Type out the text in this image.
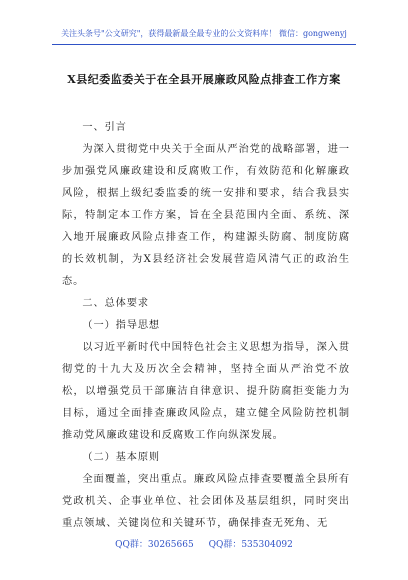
关注头条号"公文研究"，获得最新最全最专业的公文资料库！ 微信：gongwenyj
X县纪委监委关于在全县开展廉政风险点排查工作方案

一、引言

为深入贯彻党中央关于全面从严治党的战略部署，进一步加强党风廉政建设和反腐败工作，有效防范和化解廉政风险，根据上级纪委监委的统一安排和要求，结合我县实际，特制定本工作方案，旨在全县范围内全面、系统、深入地开展廉政风险点排查工作，构建源头防腐、制度防腐的长效机制，为X县经济社会发展营造风清气正的政治生态。

二、总体要求

（一）指导思想

以习近平新时代中国特色社会主义思想为指导，深入贯彻党的十九大及历次全会精神，坚持全面从严治党不放松，以增强党员干部廉洁自律意识、提升防腐拒变能力为目标，通过全面排查廉政风险点，建立健全风险防控机制推动党风廉政建设和反腐败工作向纵深发展。

（二）基本原则

全面覆盖，突出重点。廉政风险点排查要覆盖全县所有党政机关、企事业单位、社会团体及基层组织，同时突出重点领域、关键岗位和关键环节，确保排查无死角、无

QQ群：30265665 QQ群：535304092
